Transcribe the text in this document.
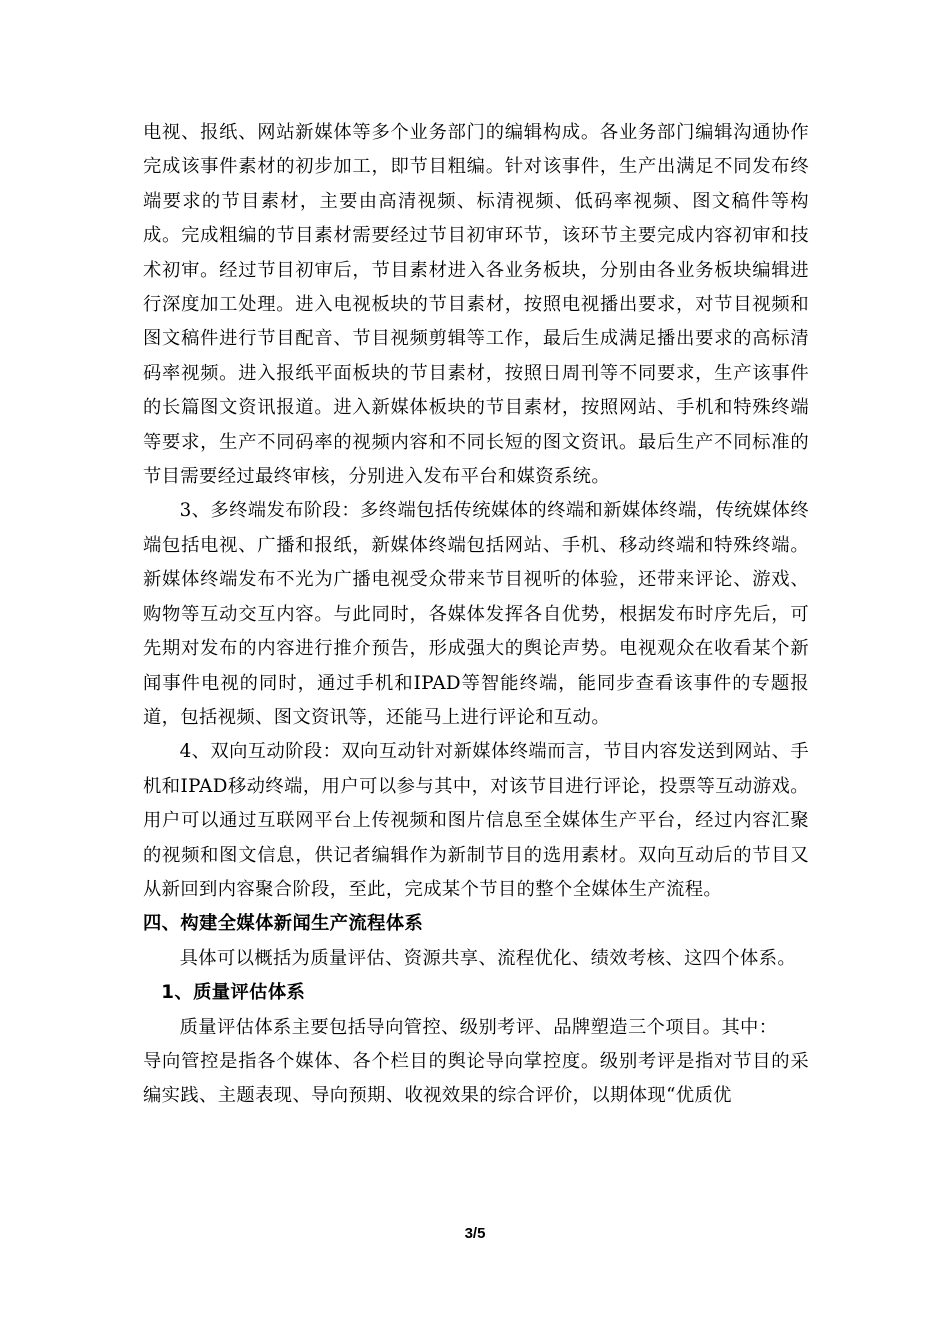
电视、报纸、网站新媒体等多个业务部门的编辑构成。各业务部门编辑沟通协作完成该事件素材的初步加工，即节目粗编。针对该事件，生产出满足不同发布终端要求的节目素材，主要由高清视频、标清视频、低码率视频、图文稿件等构成。完成粗编的节目素材需要经过节目初审环节，该环节主要完成内容初审和技术初审。经过节目初审后，节目素材进入各业务板块，分别由各业务板块编辑进行深度加工处理。进入电视板块的节目素材，按照电视播出要求，对节目视频和图文稿件进行节目配音、节目视频剪辑等工作，最后生成满足播出要求的高标清码率视频。进入报纸平面板块的节目素材，按照日周刊等不同要求，生产该事件的长篇图文资讯报道。进入新媒体板块的节目素材，按照网站、手机和特殊终端等要求，生产不同码率的视频内容和不同长短的图文资讯。最后生产不同标准的节目需要经过最终审核，分别进入发布平台和媒资系统。

3、多终端发布阶段：多终端包括传统媒体的终端和新媒体终端，传统媒体终端包括电视、广播和报纸，新媒体终端包括网站、手机、移动终端和特殊终端。新媒体终端发布不光为广播电视受众带来节目视听的体验，还带来评论、游戏、购物等互动交互内容。与此同时，各媒体发挥各自优势，根据发布时序先后，可先期对发布的内容进行推介预告，形成强大的舆论声势。电视观众在收看某个新闻事件电视的同时，通过手机和IPAD等智能终端，能同步查看该事件的专题报道，包括视频、图文资讯等，还能马上进行评论和互动。

4、双向互动阶段：双向互动针对新媒体终端而言，节目内容发送到网站、手机和IPAD移动终端，用户可以参与其中，对该节目进行评论，投票等互动游戏。用户可以通过互联网平台上传视频和图片信息至全媒体生产平台，经过内容汇聚的视频和图文信息，供记者编辑作为新制节目的选用素材。双向互动后的节目又从新回到内容聚合阶段，至此，完成某个节目的整个全媒体生产流程。

四、构建全媒体新闻生产流程体系

具体可以概括为质量评估、资源共享、流程优化、绩效考核、这四个体系。

1、质量评估体系

质量评估体系主要包括导向管控、级别考评、品牌塑造三个项目。其中：

导向管控是指各个媒体、各个栏目的舆论导向掌控度。级别考评是指对节目的采编实践、主题表现、导向预期、收视效果的综合评价，以期体现“优质优

3/5
